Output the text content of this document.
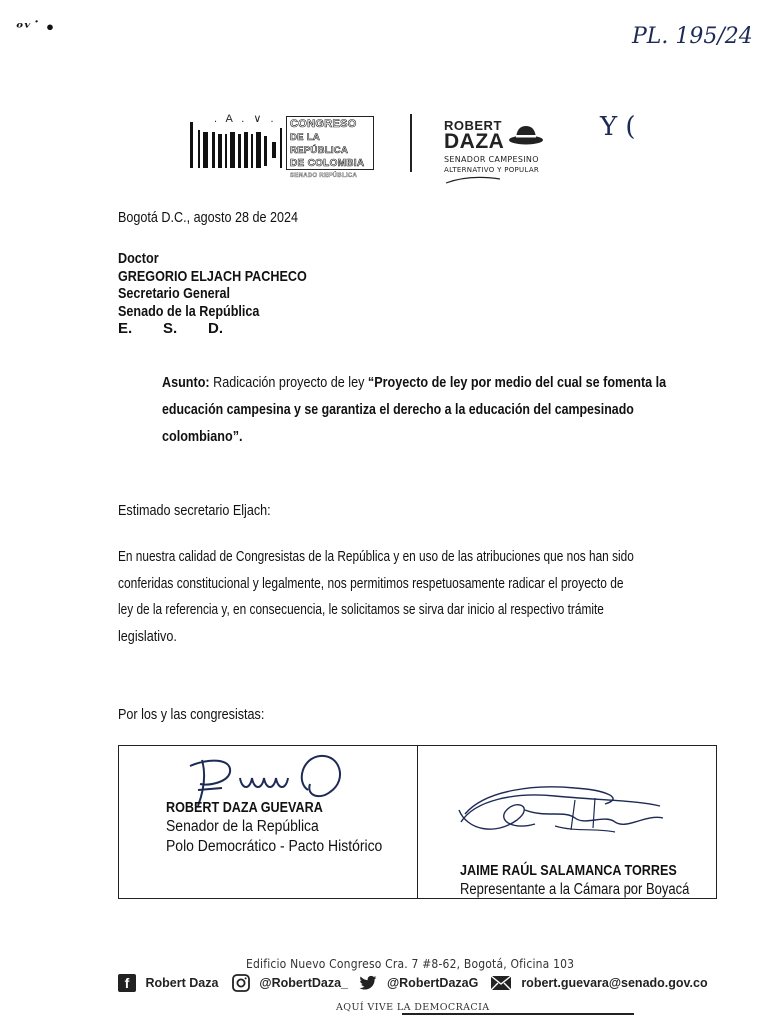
ᵒᵛ˙ •	PL. 195/24
Y (
. Α . ∨ . CONGRESO
DE LA REPÚBLICA
DE COLOMBIA
SENADO REPÚBLICA
ROBERT
DAZA
SENADOR CAMPESINO
ALTERNATIVO Y POPULAR
Bogotá D.C., agosto 28 de 2024
Doctor
GREGORIO ELJACH PACHECO
Secretario General
Senado de la República
E. S. D.
Asunto: Radicación proyecto de ley “Proyecto de ley por medio del cual se fomenta la
educación campesina y se garantiza el derecho a la educación del campesinado
colombiano”.
Estimado secretario Eljach:
En nuestra calidad de Congresistas de la República y en uso de las atribuciones que nos han sido
conferidas constitucional y legalmente, nos permitimos respetuosamente radicar el proyecto de
ley de la referencia y, en consecuencia, le solicitamos se sirva dar inicio al respectivo trámite
legislativo.
Por los y las congresistas:
ROBERT DAZA GUEVARA
Senador de la República
Polo Democrático - Pacto Histórico
JAIME RAÚL SALAMANCA TORRES
Representante a la Cámara por Boyacá
Edificio Nuevo Congreso Cra. 7 #8-62, Bogotá, Oficina 103
f Robert Daza	@RobertDaza_	@RobertDazaG	robert.guevara@senado.gov.co
AQUÍ VIVE LA DEMOCRACIA
